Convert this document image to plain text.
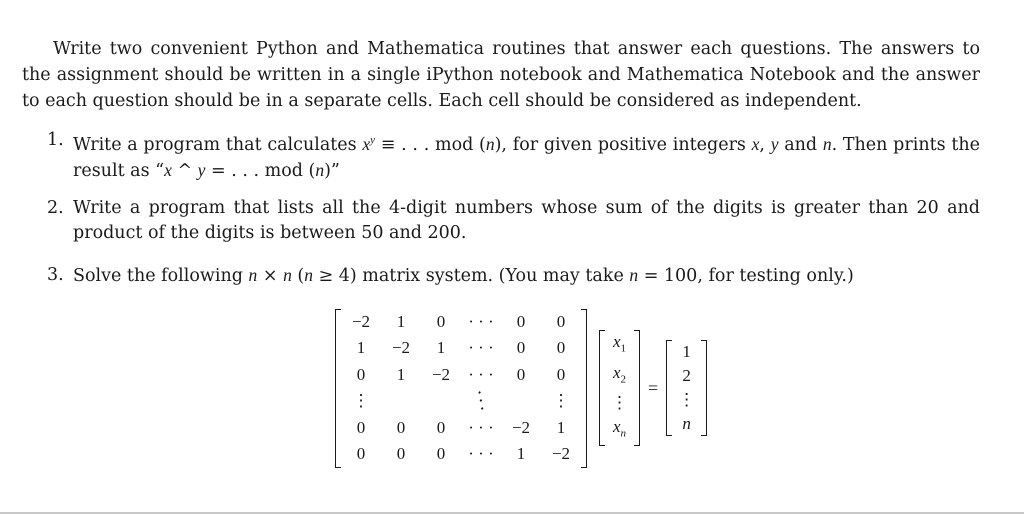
Write two convenient Python and Mathematica routines that answer each questions. The answers to the assignment should be written in a single iPython notebook and Mathematica Notebook and the answer to each question should be in a separate cells. Each cell should be considered as independent.

1. Write a program that calculates $x^y$ ≡ . . . mod (n), for given positive integers x, y and n. Then prints the result as “x ^ y = . . . mod (n)”
2. Write a program that lists all the 4-digit numbers whose sum of the digits is greater than 20 and product of the digits is between 50 and 200.
3. Solve the following n × n (n ≥ 4) matrix system. (You may take n = 100, for testing only.)
−2	1	0	· · ·	0	0
1	−2	1	· · ·	0	0
0	1	−2	· · ·	0	0
⋮			⋱		⋮
0	0	0	· · ·	−2	1
0	0	0	· · ·	1	−2
$x_1$
$x_2$
⋮
$x_n$
=
1
2
⋮
n
